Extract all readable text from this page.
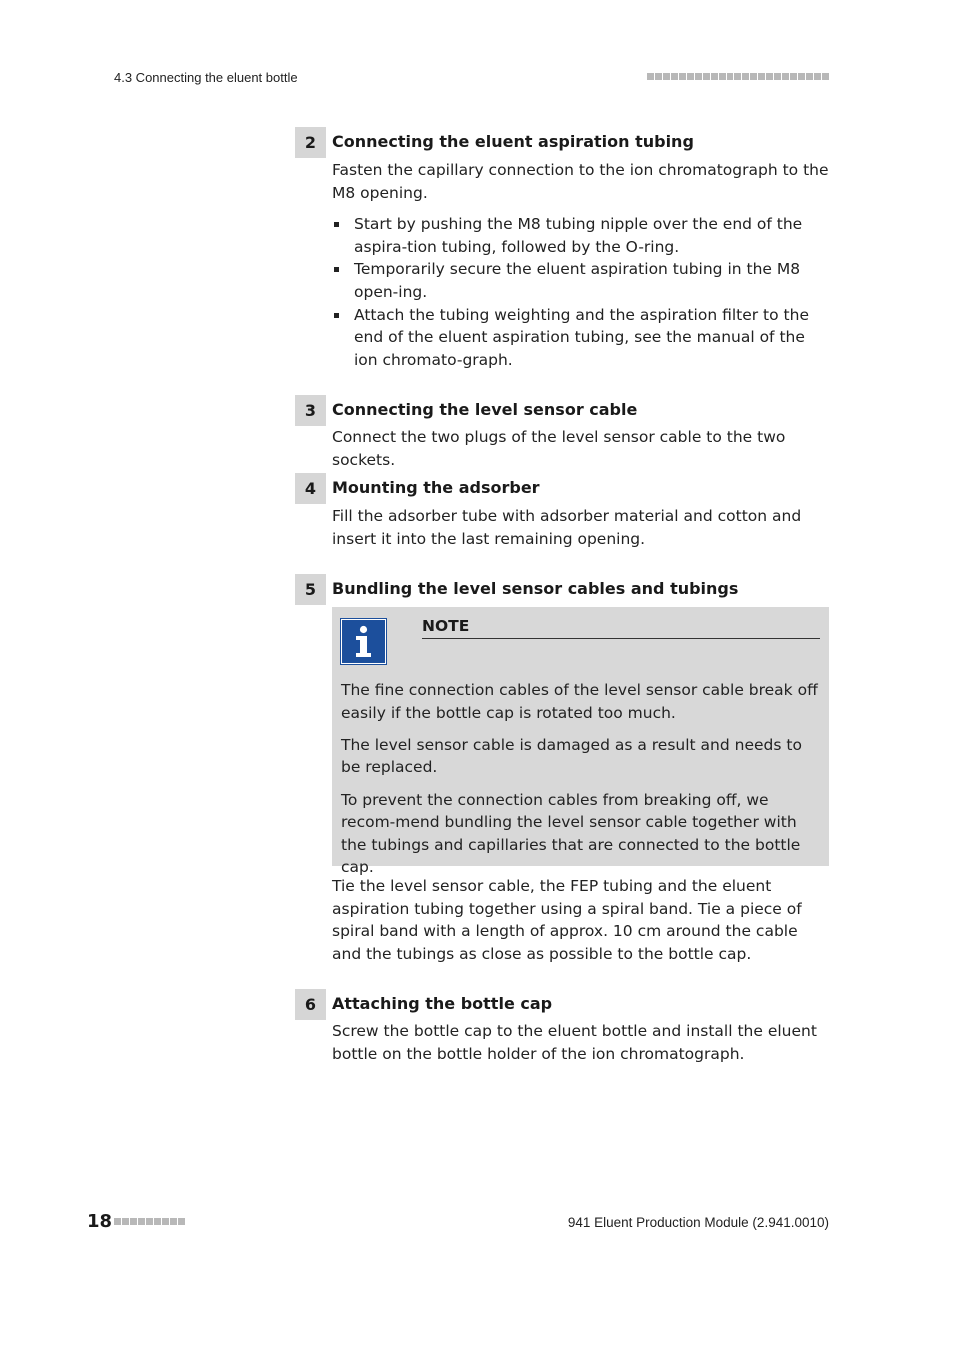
4.3 Connecting the eluent bottle
2 Connecting the eluent aspiration tubing

Fasten the capillary connection to the ion chromatograph to the M8 opening.

Start by pushing the M8 tubing nipple over the end of the aspira-tion tubing, followed by the O-ring.
Temporarily secure the eluent aspiration tubing in the M8 open-ing.
Attach the tubing weighting and the aspiration filter to the end of the eluent aspiration tubing, see the manual of the ion chromato-graph.
3 Connecting the level sensor cable

Connect the two plugs of the level sensor cable to the two sockets.

4 Mounting the adsorber

Fill the adsorber tube with adsorber material and cotton and insert it into the last remaining opening.

5 Bundling the level sensor cables and tubings

Tie the level sensor cable, the FEP tubing and the eluent aspiration tubing together using a spiral band. Tie a piece of spiral band with a length of approx. 10 cm around the cable and the tubings as close as possible to the bottle cap.

NOTE

The fine connection cables of the level sensor cable break off easily if the bottle cap is rotated too much.

The level sensor cable is damaged as a result and needs to be replaced.

To prevent the connection cables from breaking off, we recom-mend bundling the level sensor cable together with the tubings and capillaries that are connected to the bottle cap.

6 Attaching the bottle cap

Screw the bottle cap to the eluent bottle and install the eluent bottle on the bottle holder of the ion chromatograph.

18	941 Eluent Production Module (2.941.0010)
